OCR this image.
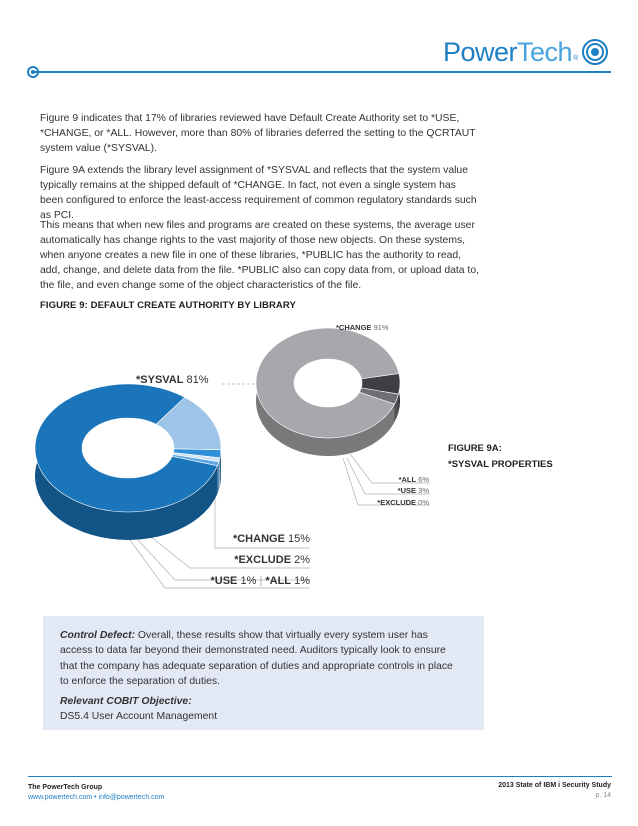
PowerTech ®

Figure 9 indicates that 17% of libraries reviewed have Default Create Authority set to *USE, *CHANGE, or *ALL. However, more than 80% of libraries deferred the setting to the QCRTAUT system value (*SYSVAL).

Figure 9A extends the library level assignment of *SYSVAL and reflects that the system value typically remains at the shipped default of *CHANGE. In fact, not even a single system has been configured to enforce the least-access requirement of common regulatory standards such as PCI.

This means that when new files and programs are created on these systems, the average user automatically has change rights to the vast majority of those new objects. On these systems, when anyone creates a new file in one of these libraries, *PUBLIC has the authority to read, add, change, and delete data from the file. *PUBLIC also can copy data from, or upload data to, the file, and even change some of the object characteristics of the file.

FIGURE 9: DEFAULT CREATE AUTHORITY BY LIBRARY

*CHANGE 91%
*ALL 6%
*USE 3%
*EXCLUDE 0%
*SYSVAL 81%
*CHANGE 15%
*EXCLUDE 2%
*USE 1% | *ALL 1%
FIGURE 9A:
*SYSVAL PROPERTIES

Control Defect: Overall, these results show that virtually every system user has access to data far beyond their demonstrated need. Auditors typically look to ensure that the company has adequate separation of duties and appropriate controls in place to enforce the separation of duties.

Relevant COBIT Objective:

DS5.4 User Account Management

The PowerTech Group
www.powertech.com • info@powertech.com
2013 State of IBM i Security Study
p. 14
